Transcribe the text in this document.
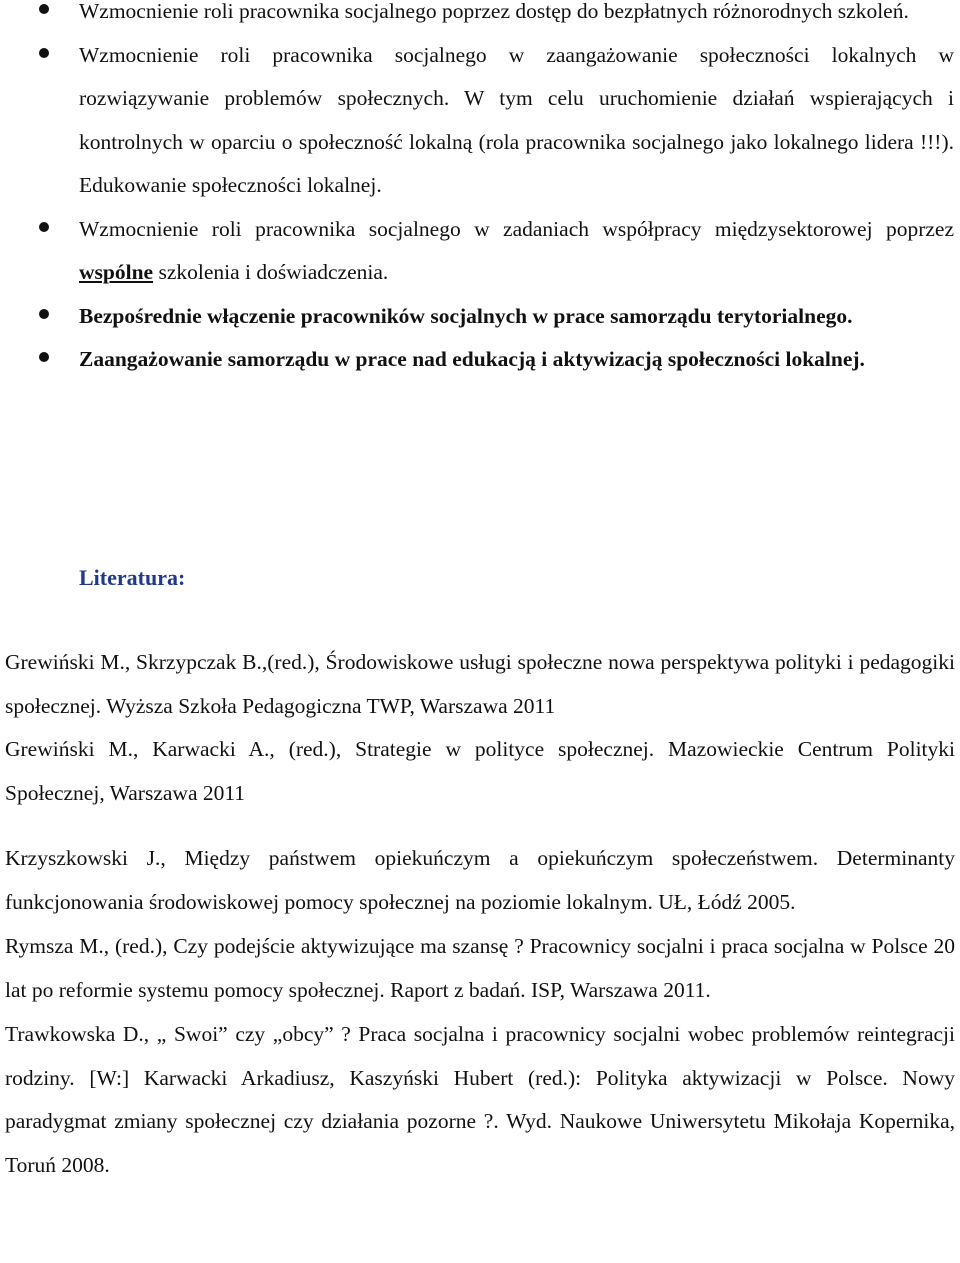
Wzmocnienie roli pracownika socjalnego poprzez dostęp do bezpłatnych różnorodnych szkoleń.
Wzmocnienie roli pracownika socjalnego w zaangażowanie społeczności lokalnych w rozwiązywanie problemów społecznych. W tym celu uruchomienie działań wspierających i kontrolnych w oparciu o społeczność lokalną (rola pracownika socjalnego jako lokalnego lidera !!!). Edukowanie społeczności lokalnej.
Wzmocnienie roli pracownika socjalnego w zadaniach współpracy międzysektorowej poprzez wspólne szkolenia i doświadczenia.
Bezpośrednie włączenie pracowników socjalnych w prace samorządu terytorialnego.
Zaangażowanie samorządu w prace nad edukacją i aktywizacją społeczności lokalnej.
Literatura:

Grewiński M., Skrzypczak B.,(red.), Środowiskowe usługi społeczne nowa perspektywa polityki i pedagogiki społecznej. Wyższa Szkoła Pedagogiczna TWP, Warszawa 2011

Grewiński M., Karwacki A., (red.), Strategie w polityce społecznej. Mazowieckie Centrum Polityki Społecznej, Warszawa 2011

Krzyszkowski J., Między państwem opiekuńczym a opiekuńczym społeczeństwem. Determinanty funkcjonowania środowiskowej pomocy społecznej na poziomie lokalnym. UŁ, Łódź 2005.

Rymsza M., (red.), Czy podejście aktywizujące ma szansę ? Pracownicy socjalni i praca socjalna w Polsce 20 lat po reformie systemu pomocy społecznej. Raport z badań. ISP, Warszawa 2011.

Trawkowska D., „ Swoi” czy „obcy” ? Praca socjalna i pracownicy socjalni wobec problemów reintegracji rodziny. [W:] Karwacki Arkadiusz, Kaszyński Hubert (red.): Polityka aktywizacji w Polsce. Nowy paradygmat zmiany społecznej czy działania pozorne ?. Wyd. Naukowe Uniwersytetu Mikołaja Kopernika, Toruń 2008.
